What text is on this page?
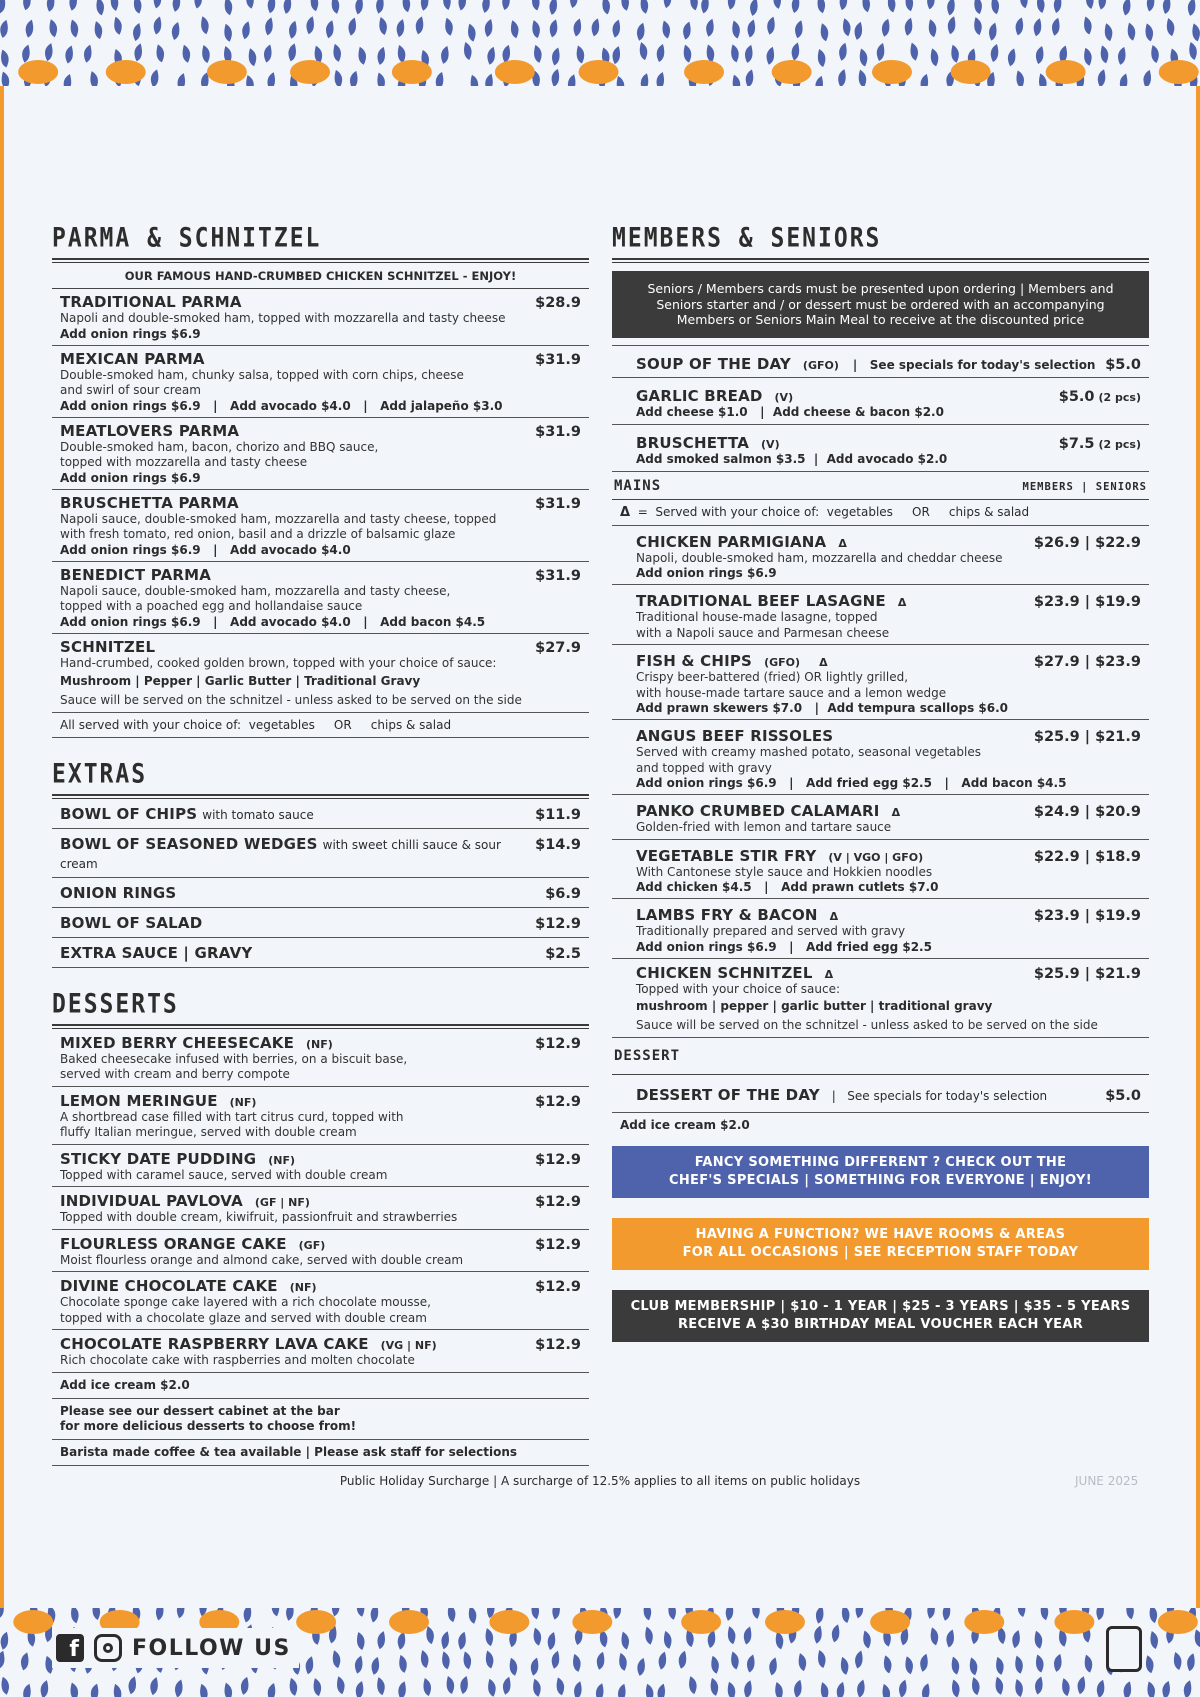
PARMA & SCHNITZEL
OUR FAMOUS HAND-CRUMBED CHICKEN SCHNITZEL - ENJOY!
TRADITIONAL PARMA	$28.9
Napoli and double-smoked ham, topped with mozzarella and tasty cheese
Add onion rings $6.9
MEXICAN PARMA	$31.9
Double-smoked ham, chunky salsa, topped with corn chips, cheese
and swirl of sour cream
Add onion rings $6.9   |   Add avocado $4.0   |   Add jalapeño $3.0
MEATLOVERS PARMA	$31.9
Double-smoked ham, bacon, chorizo and BBQ sauce,
topped with mozzarella and tasty cheese
Add onion rings $6.9
BRUSCHETTA PARMA	$31.9
Napoli sauce, double-smoked ham, mozzarella and tasty cheese, topped
with fresh tomato, red onion, basil and a drizzle of balsamic glaze
Add onion rings $6.9   |   Add avocado $4.0
BENEDICT PARMA	$31.9
Napoli sauce, double-smoked ham, mozzarella and tasty cheese,
topped with a poached egg and hollandaise sauce
Add onion rings $6.9   |   Add avocado $4.0   |   Add bacon $4.5
SCHNITZEL	$27.9
Hand-crumbed, cooked golden brown, topped with your choice of sauce:
Mushroom | Pepper | Garlic Butter | Traditional Gravy
Sauce will be served on the schnitzel - unless asked to be served on the side
All served with your choice of:  vegetables     OR     chips & salad
EXTRAS
BOWL OF CHIPS with tomato sauce	$11.9
BOWL OF SEASONED WEDGES with sweet chilli sauce & sour cream
$14.9
ONION RINGS	$6.9
BOWL OF SALAD	$12.9
EXTRA SAUCE | GRAVY	$2.5
DESSERTS
MIXED BERRY CHEESECAKE (NF)	$12.9
Baked cheesecake infused with berries, on a biscuit base,
served with cream and berry compote
LEMON MERINGUE (NF)	$12.9
A shortbread case filled with tart citrus curd, topped with
fluffy Italian meringue, served with double cream
STICKY DATE PUDDING (NF)	$12.9
Topped with caramel sauce, served with double cream
INDIVIDUAL PAVLOVA (GF | NF)	$12.9
Topped with double cream, kiwifruit, passionfruit and strawberries
FLOURLESS ORANGE CAKE (GF)	$12.9
Moist flourless orange and almond cake, served with double cream
DIVINE CHOCOLATE CAKE (NF)	$12.9
Chocolate sponge cake layered with a rich chocolate mousse,
topped with a chocolate glaze and served with double cream
CHOCOLATE RASPBERRY LAVA CAKE (VG | NF)	$12.9
Rich chocolate cake with raspberries and molten chocolate
Add ice cream $2.0
Please see our dessert cabinet at the bar
for more delicious desserts to choose from!
Barista made coffee & tea available | Please ask staff for selections
MEMBERS & SENIORS
Seniors / Members cards must be presented upon ordering | Members and Seniors starter and / or dessert must be ordered with an accompanying Members or Seniors Main Meal to receive at the discounted price
SOUP OF THE DAY (GFO) |   See specials for today's selection $5.0
GARLIC BREAD (V)	$5.0 (2 pcs)
Add cheese $1.0   |  Add cheese & bacon $2.0
BRUSCHETTA (V)	$7.5 (2 pcs)
Add smoked salmon $3.5  |  Add avocado $2.0
MAINS	MEMBERS | SENIORS
Δ =  Served with your choice of:  vegetables     OR     chips & salad
CHICKEN PARMIGIANA Δ	$26.9 | $22.9
Napoli, double-smoked ham, mozzarella and cheddar cheese
Add onion rings $6.9
TRADITIONAL BEEF LASAGNE Δ	$23.9 | $19.9
Traditional house-made lasagne, topped
with a Napoli sauce and Parmesan cheese
FISH & CHIPS (GFO)     Δ	$27.9 | $23.9
Crispy beer-battered (fried) OR lightly grilled,
with house-made tartare sauce and a lemon wedge
Add prawn skewers $7.0   |  Add tempura scallops $6.0
ANGUS BEEF RISSOLES	$25.9 | $21.9
Served with creamy mashed potato, seasonal vegetables
and topped with gravy
Add onion rings $6.9   |   Add fried egg $2.5   |   Add bacon $4.5
PANKO CRUMBED CALAMARI Δ	$24.9 | $20.9
Golden-fried with lemon and tartare sauce
VEGETABLE STIR FRY (V | VGO | GFO)	$22.9 | $18.9
With Cantonese style sauce and Hokkien noodles
Add chicken $4.5   |   Add prawn cutlets $7.0
LAMBS FRY & BACON Δ	$23.9 | $19.9
Traditionally prepared and served with gravy
Add onion rings $6.9   |   Add fried egg $2.5
CHICKEN SCHNITZEL Δ	$25.9 | $21.9
Topped with your choice of sauce:
mushroom | pepper | garlic butter | traditional gravy
Sauce will be served on the schnitzel - unless asked to be served on the side
DESSERT
DESSERT OF THE DAY |   See specials for today's selection	$5.0
Add ice cream $2.0
FANCY SOMETHING DIFFERENT ? CHECK OUT THE
CHEF'S SPECIALS | SOMETHING FOR EVERYONE | ENJOY!
HAVING A FUNCTION? WE HAVE ROOMS & AREAS
FOR ALL OCCASIONS | SEE RECEPTION STAFF TODAY
CLUB MEMBERSHIP | $10 - 1 YEAR | $25 - 3 YEARS | $35 - 5 YEARS
RECEIVE A $30 BIRTHDAY MEAL VOUCHER EACH YEAR
Public Holiday Surcharge | A surcharge of 12.5% applies to all items on public holidays	JUNE 2025
f FOLLOW US
